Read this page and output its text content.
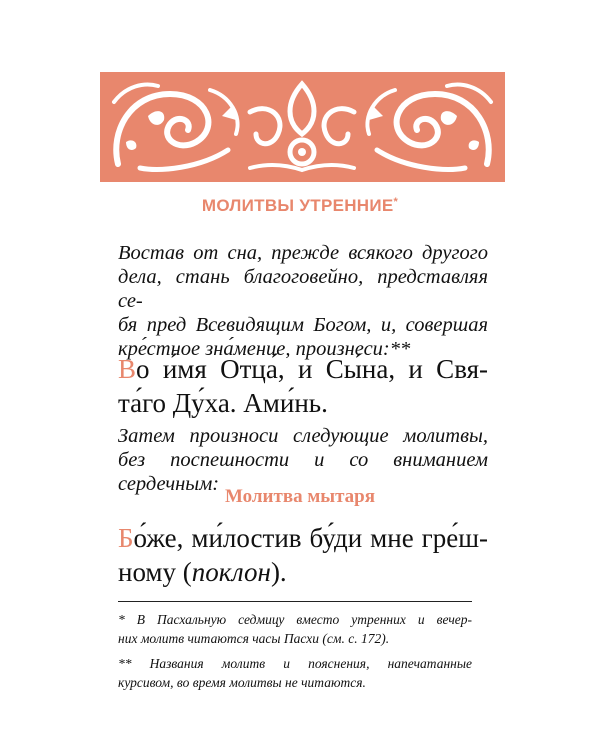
МОЛИТВЫ УТРЕННИЕ*
Востав от сна, прежде всякого другого
дела, стань благоговейно, представляя се-
бя пред Всевидящим Богом, и, совершая
кре́стное зна́мение, произнеси:**
Во и́мя Отца́, и Сы́на, и Свя-
та́го Ду́ха. Ами́нь.
Затем произноси следующие молитвы,
без поспешности и со вниманием сердечным:
Молитва мытаря
Бо́же, ми́лостив бу́ди мне гре́ш-
ному (поклон).
* В Пасхальную седмицу вместо утренних и вечер-
них молитв читаются часы Пасхи (см. с. 172).
** Названия молитв и пояснения, напечатанные
курсивом, во время молитвы не читаются.
